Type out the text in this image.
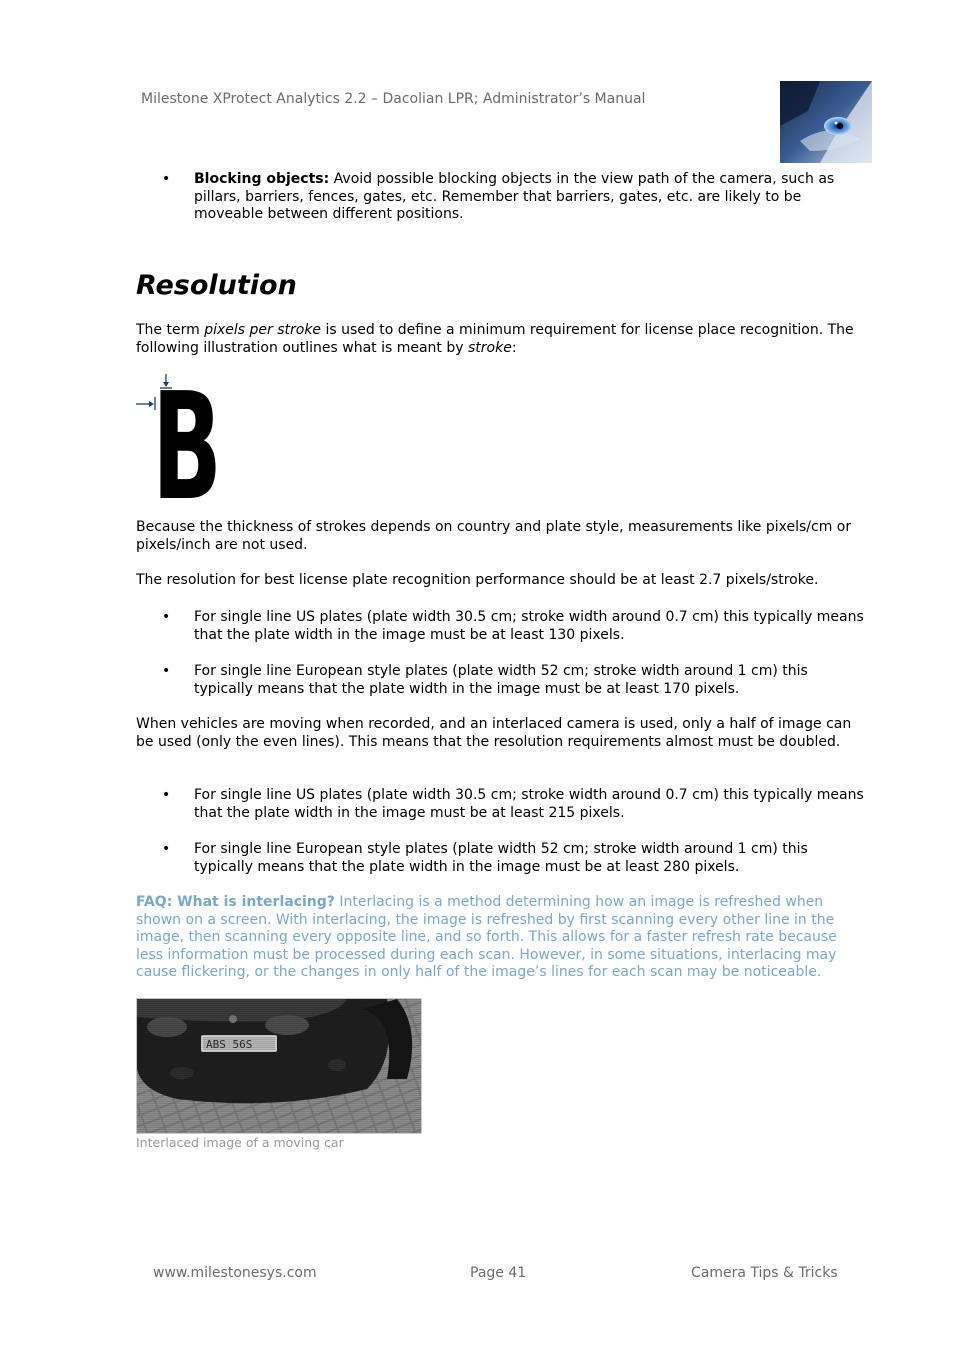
Milestone XProtect Analytics 2.2 – Dacolian LPR; Administrator’s Manual
• Blocking objects: Avoid possible blocking objects in the view path of the camera, such as pillars, barriers, fences, gates, etc. Remember that barriers, gates, etc. are likely to be moveable between different positions.
Resolution
The term pixels per stroke is used to define a minimum requirement for license place recognition. The following illustration outlines what is meant by stroke:
B
Because the thickness of strokes depends on country and plate style, measurements like pixels/cm or pixels/inch are not used.
The resolution for best license plate recognition performance should be at least 2.7 pixels/stroke.
• For single line US plates (plate width 30.5 cm; stroke width around 0.7 cm) this typically means that the plate width in the image must be at least 130 pixels.
• For single line European style plates (plate width 52 cm; stroke width around 1 cm) this typically means that the plate width in the image must be at least 170 pixels.
When vehicles are moving when recorded, and an interlaced camera is used, only a half of image can be used (only the even lines). This means that the resolution requirements almost must be doubled.
• For single line US plates (plate width 30.5 cm; stroke width around 0.7 cm) this typically means that the plate width in the image must be at least 215 pixels.
• For single line European style plates (plate width 52 cm; stroke width around 1 cm) this typically means that the plate width in the image must be at least 280 pixels.
FAQ: What is interlacing? Interlacing is a method determining how an image is refreshed when shown on a screen. With interlacing, the image is refreshed by first scanning every other line in the image, then scanning every opposite line, and so forth. This allows for a faster refresh rate because less information must be processed during each scan. However, in some situations, interlacing may cause flickering, or the changes in only half of the image’s lines for each scan may be noticeable.
Interlaced image of a moving car
www.milestonesys.com	Page 41	Camera Tips & Tricks
